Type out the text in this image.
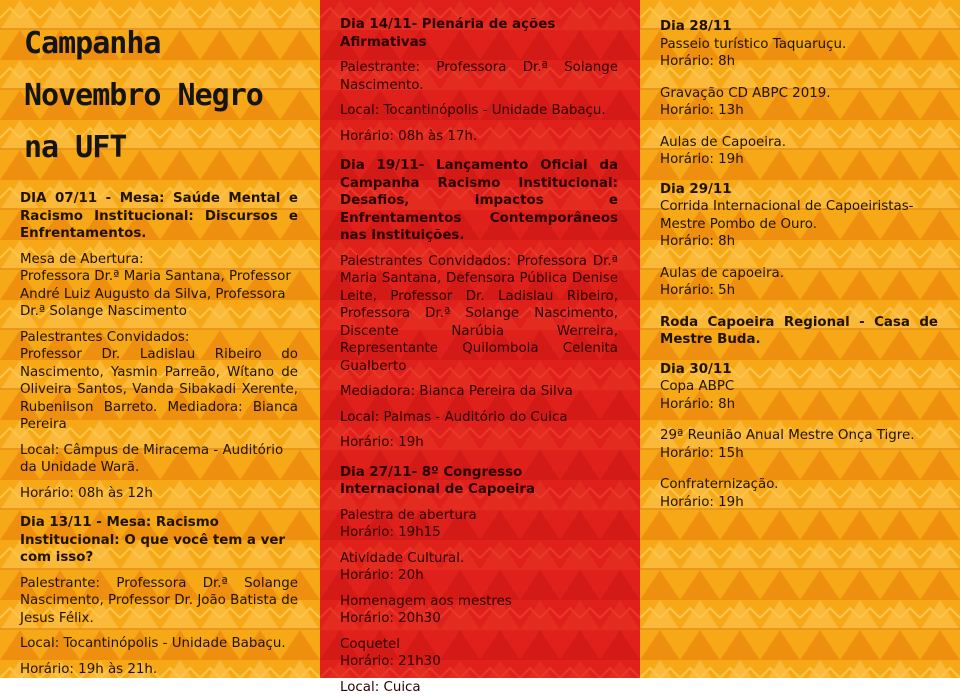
Campanha
Novembro Negro
na UFT

DIA 07/11 - Mesa: Saúde Mental e Racismo Institucional: Discursos e Enfrentamentos.

Mesa de Abertura:

Professora Dr.ª Maria Santana, Professor André Luiz Augusto da Silva, Professora Dr.ª Solange Nascimento

Palestrantes Convidados:

Professor Dr. Ladislau Ribeiro do Nascimento, Yasmin Parreão, Wítano de Oliveira Santos, Vanda Sibakadi Xerente, Rubenilson Barreto. Mediadora: Bianca Pereira

Local: Câmpus de Miracema - Auditório da Unidade Warã.

Horário: 08h às 12h

Dia 13/11 - Mesa: Racismo Institucional: O que você tem a ver com isso?

Palestrante: Professora Dr.ª Solange Nascimento, Professor Dr. João Batista de Jesus Félix.

Local: Tocantinópolis - Unidade Babaçu.

Horário: 19h às 21h.

Dia 14/11- Plenária de ações Afirmativas

Palestrante: Professora Dr.ª Solange Nascimento.

Local: Tocantinópolis - Unidade Babaçu.

Horário: 08h às 17h.

Dia 19/11- Lançamento Oficial da Campanha Racismo Institucional: Desafios, Impactos e Enfrentamentos Contemporâneos nas Instituições.

Palestrantes Convidados: Professora Dr.ª Maria Santana, Defensora Pública Denise Leite, Professor Dr. Ladislau Ribeiro, Professora Dr.ª Solange Nascimento, Discente Narúbia Werreira, Representante Quilombola Celenita Gualberto

Mediadora: Bianca Pereira da Silva

Local: Palmas - Auditório do Cuica

Horário: 19h

Dia 27/11- 8º Congresso Internacional de Capoeira

Palestra de abertura

Horário: 19h15

Atividade Cultural.

Horário: 20h

Homenagem aos mestres

Horário: 20h30

Coquetel

Horário: 21h30

Local: Cuica

Dia 28/11

Passeio turístico Taquaruçu.

Horário: 8h

Gravação CD ABPC 2019.

Horário: 13h

Aulas de Capoeira.

Horário: 19h

Dia 29/11

Corrida Internacional de Capoeiristas- Mestre Pombo de Ouro.

Horário: 8h

Aulas de capoeira.

Horário: 5h

Roda Capoeira Regional - Casa de Mestre Buda.

Dia 30/11

Copa ABPC

Horário: 8h

29ª Reunião Anual Mestre Onça Tigre.

Horário: 15h

Confraternização.

Horário: 19h
